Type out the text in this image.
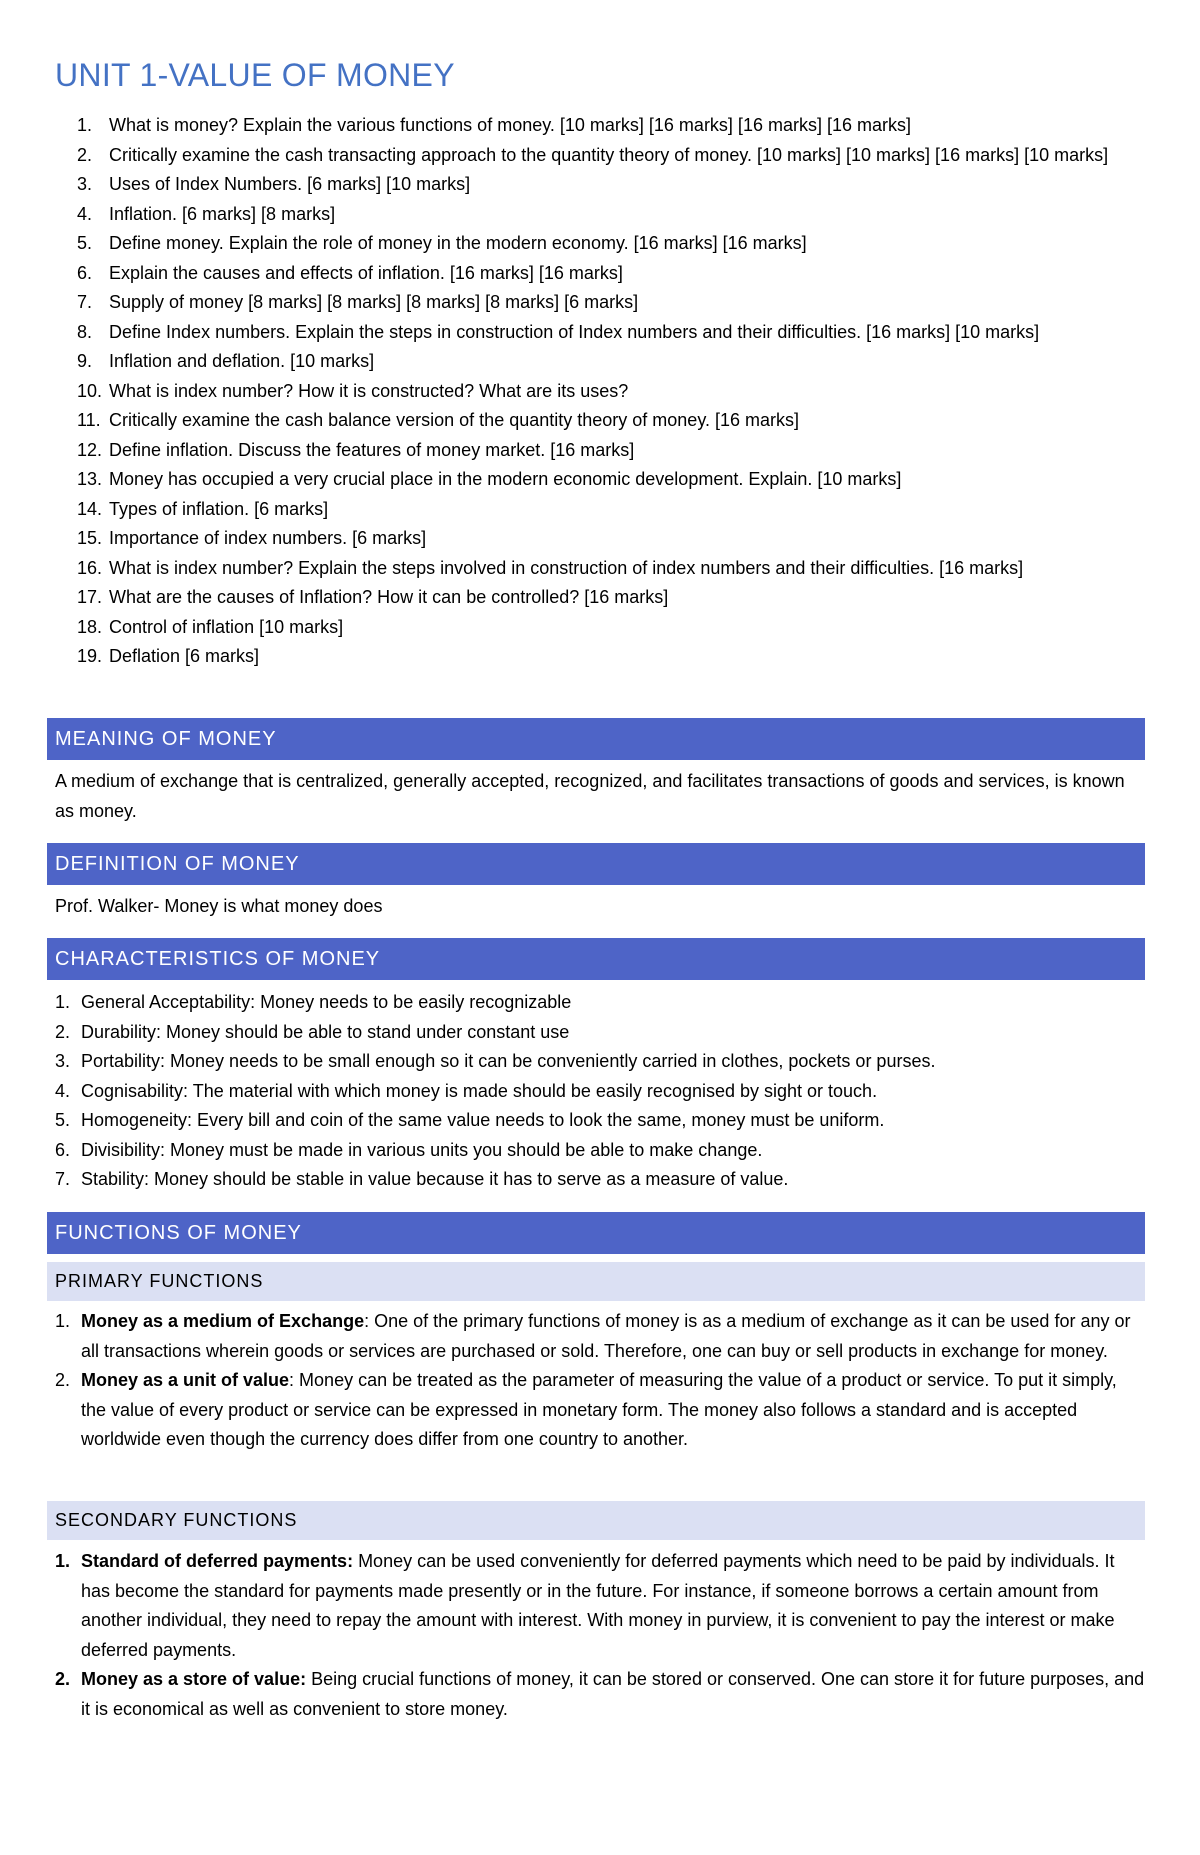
UNIT 1-VALUE OF MONEY
1. What is money? Explain the various functions of money. [10 marks] [16 marks] [16 marks] [16 marks]
2. Critically examine the cash transacting approach to the quantity theory of money. [10 marks] [10 marks] [16 marks] [10 marks]
3. Uses of Index Numbers. [6 marks] [10 marks]
4. Inflation. [6 marks] [8 marks]
5. Define money. Explain the role of money in the modern economy. [16 marks] [16 marks]
6. Explain the causes and effects of inflation. [16 marks] [16 marks]
7. Supply of money [8 marks] [8 marks] [8 marks] [8 marks] [6 marks]
8. Define Index numbers. Explain the steps in construction of Index numbers and their difficulties. [16 marks] [10 marks]
9. Inflation and deflation. [10 marks]
10. What is index number? How it is constructed? What are its uses?
11. Critically examine the cash balance version of the quantity theory of money. [16 marks]
12. Define inflation. Discuss the features of money market. [16 marks]
13. Money has occupied a very crucial place in the modern economic development. Explain. [10 marks]
14. Types of inflation. [6 marks]
15. Importance of index numbers. [6 marks]
16. What is index number? Explain the steps involved in construction of index numbers and their difficulties. [16 marks]
17. What are the causes of Inflation? How it can be controlled? [16 marks]
18. Control of inflation [10 marks]
19. Deflation [6 marks]
MEANING OF MONEY
A medium of exchange that is centralized, generally accepted, recognized, and facilitates transactions of goods and services, is known as money.
DEFINITION OF MONEY
Prof. Walker- Money is what money does
CHARACTERISTICS OF MONEY
1. General Acceptability: Money needs to be easily recognizable
2. Durability: Money should be able to stand under constant use
3. Portability: Money needs to be small enough so it can be conveniently carried in clothes, pockets or purses.
4. Cognisability: The material with which money is made should be easily recognised by sight or touch.
5. Homogeneity: Every bill and coin of the same value needs to look the same, money must be uniform.
6. Divisibility: Money must be made in various units you should be able to make change.
7. Stability: Money should be stable in value because it has to serve as a measure of value.
FUNCTIONS OF MONEY
PRIMARY FUNCTIONS
1. Money as a medium of Exchange: One of the primary functions of money is as a medium of exchange as it can be used for any or all transactions wherein goods or services are purchased or sold. Therefore, one can buy or sell products in exchange for money.
2. Money as a unit of value: Money can be treated as the parameter of measuring the value of a product or service. To put it simply, the value of every product or service can be expressed in monetary form. The money also follows a standard and is accepted worldwide even though the currency does differ from one country to another.
SECONDARY FUNCTIONS
1. Standard of deferred payments: Money can be used conveniently for deferred payments which need to be paid by individuals. It has become the standard for payments made presently or in the future. For instance, if someone borrows a certain amount from another individual, they need to repay the amount with interest. With money in purview, it is convenient to pay the interest or make deferred payments.
2. Money as a store of value: Being crucial functions of money, it can be stored or conserved. One can store it for future purposes, and it is economical as well as convenient to store money.
